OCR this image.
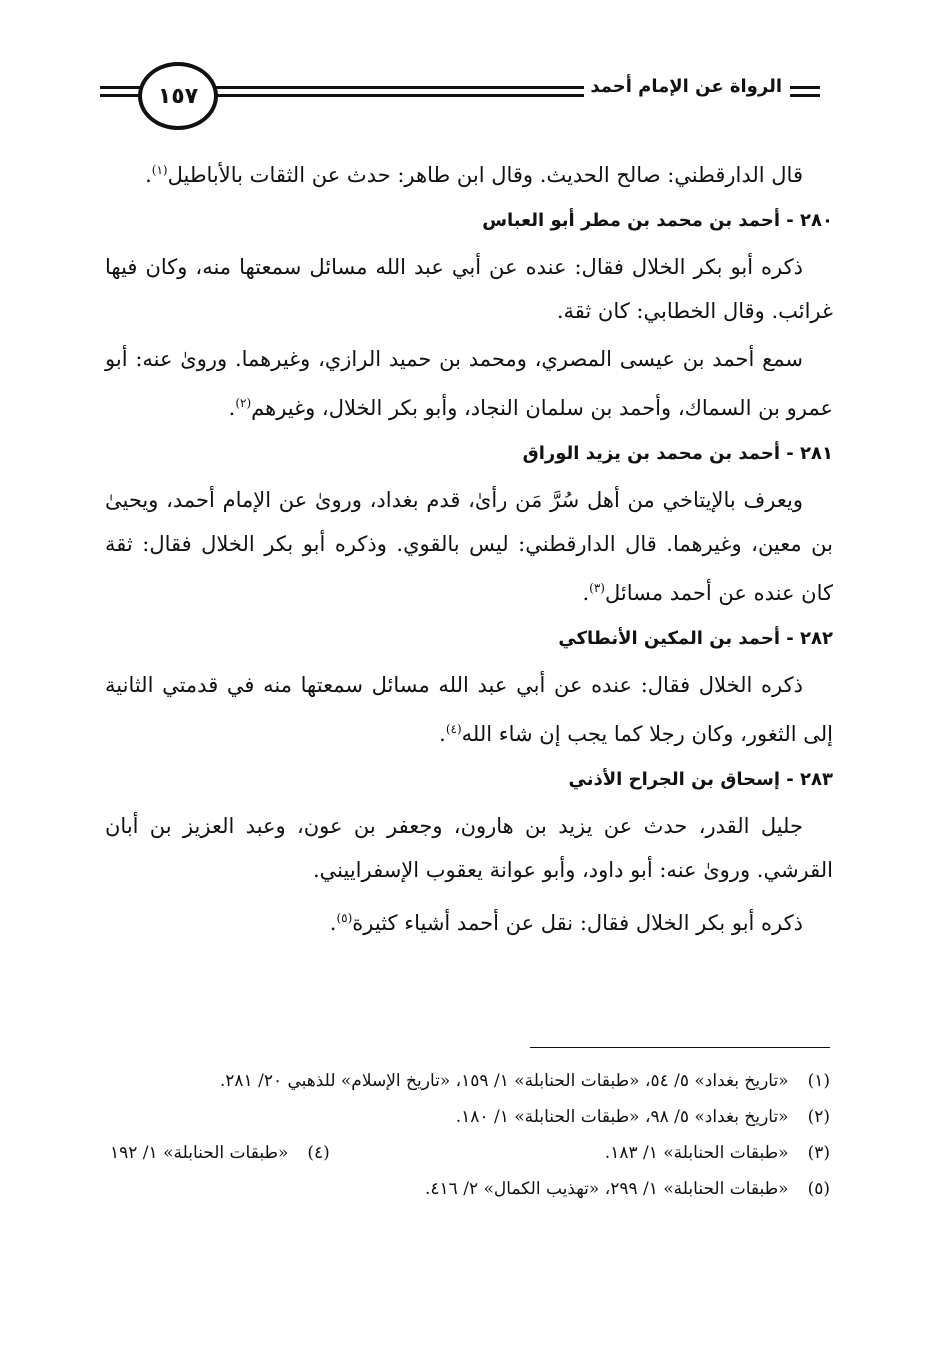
١٥٧	الرواة عن الإمام أحمد

قال الدارقطني: صالح الحديث. وقال ابن طاهر: حدث عن الثقات بالأباطيل$^{(١)}$.

٢٨٠ - أحمد بن محمد بن مطر أبو العباس

ذكره أبو بكر الخلال فقال: عنده عن أبي عبد الله مسائل سمعتها منه، وكان فيها غرائب. وقال الخطابي: كان ثقة.

سمع أحمد بن عيسى المصري، ومحمد بن حميد الرازي، وغيرهما. وروىٰ عنه: أبو عمرو بن السماك، وأحمد بن سلمان النجاد، وأبو بكر الخلال، وغيرهم$^{(٢)}$.

٢٨١ - أحمد بن محمد بن يزيد الوراق

ويعرف بالإيتاخي من أهل سُرَّ مَن رأىٰ، قدم بغداد، وروىٰ عن الإمام أحمد، ويحيىٰ بن معين، وغيرهما. قال الدارقطني: ليس بالقوي. وذكره أبو بكر الخلال فقال: ثقة كان عنده عن أحمد مسائل$^{(٣)}$.

٢٨٢ - أحمد بن المكين الأنطاكي

ذكره الخلال فقال: عنده عن أبي عبد الله مسائل سمعتها منه في قدمتي الثانية إلى الثغور، وكان رجلا كما يجب إن شاء الله$^{(٤)}$.

٢٨٣ - إسحاق بن الجراح الأذني

جليل القدر، حدث عن يزيد بن هارون، وجعفر بن عون، وعبد العزيز بن أبان القرشي. وروىٰ عنه: أبو داود، وأبو عوانة يعقوب الإسفراييني.

ذكره أبو بكر الخلال فقال: نقل عن أحمد أشياء كثيرة$^{(٥)}$.

(١) «تاريخ بغداد» ٥/ ٥٤، «طبقات الحنابلة» ١/ ١٥٩، «تاريخ الإسلام» للذهبي ٢٠/ ٢٨١.
(٢) «تاريخ بغداد» ٥/ ٩٨، «طبقات الحنابلة» ١/ ١٨٠.
(٣) «طبقات الحنابلة» ١/ ١٨٣.
(٤) «طبقات الحنابلة» ١/ ١٩٢
(٥) «طبقات الحنابلة» ١/ ٢٩٩، «تهذيب الكمال» ٢/ ٤١٦.
